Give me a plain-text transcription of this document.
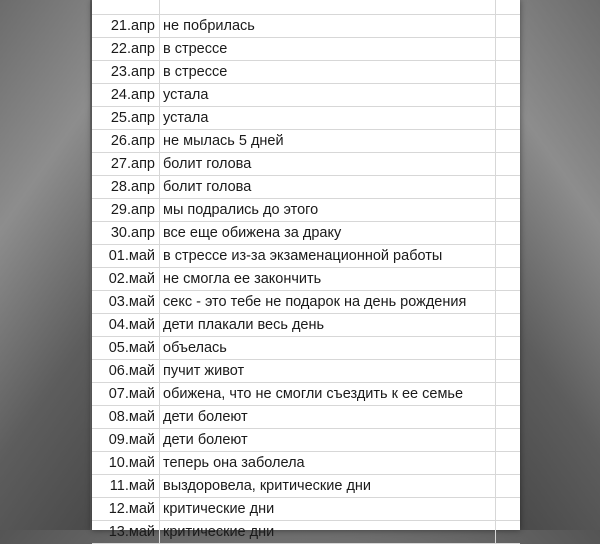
21.апр не побрилась
22.апр в стрессе
23.апр в стрессе
24.апр устала
25.апр устала
26.апр не мылась 5 дней
27.апр болит голова
28.апр болит голова
29.апр мы подрались до этого
30.апр все еще обижена за драку
01.май в стрессе из-за экзаменационной работы
02.май не смогла ее закончить
03.май секс - это тебе не подарок на день рождения
04.май дети плакали весь день
05.май объелась
06.май пучит живот
07.май обижена, что не смогли съездить к ее семье
08.май дети болеют
09.май дети болеют
10.май теперь она заболела
11.май выздоровела, критические дни
12.май критические дни
13.май критические дни
